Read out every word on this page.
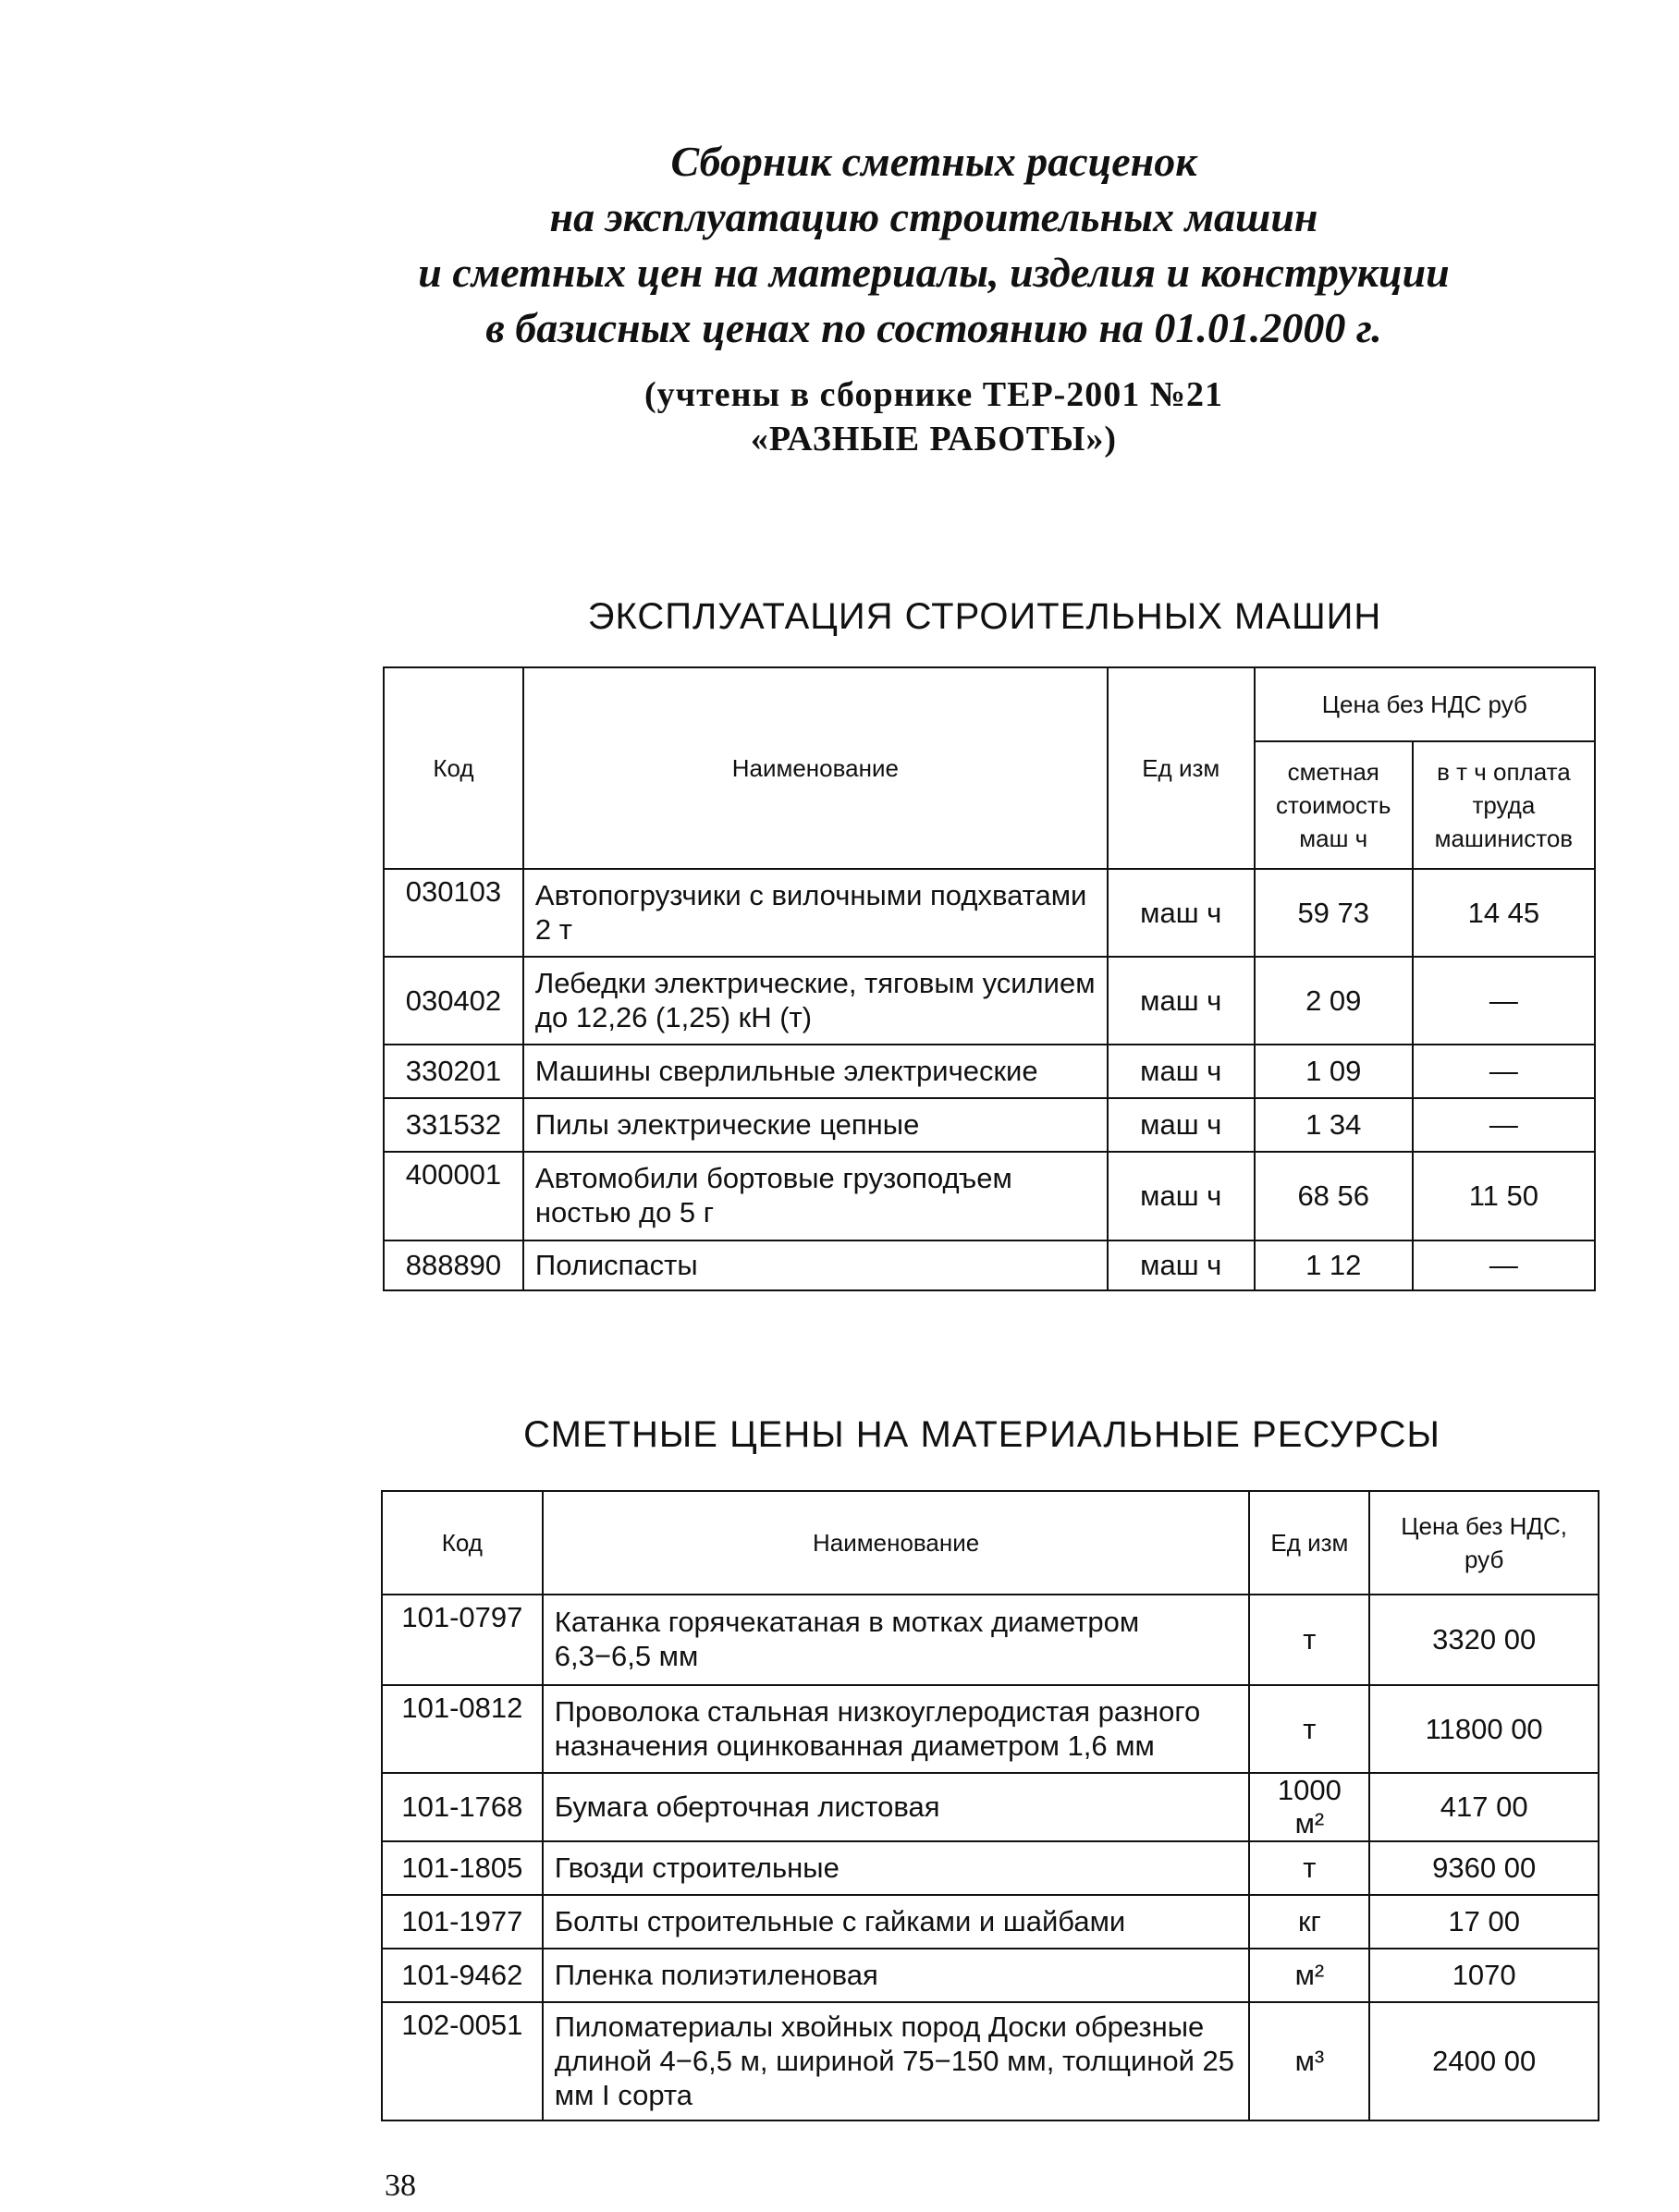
Сборник сметных расценок
на эксплуатацию строительных машин
и сметных цен на материалы, изделия и конструкции
в базисных ценах по состоянию на 01.01.2000 г.
(учтены в сборнике ТЕР-2001 №21
«РАЗНЫЕ РАБОТЫ»)
ЭКСПЛУАТАЦИЯ СТРОИТЕЛЬНЫХ МАШИН
Код	Наименование	Ед изм	Цена без НДС руб	
			сметная стоимость маш ч	в т ч оплата труда машинистов
030103	Автопогрузчики с вилочными подхватами 2 т	маш ч	59 73	14 45
030402	Лебедки электрические, тяговым усилием до 12,26 (1,25) кН (т)	маш ч	2 09	—
330201	Машины сверлильные электрические	маш ч	1 09	—
331532	Пилы электрические цепные	маш ч	1 34	—
400001	Автомобили бортовые грузоподъем ностью до 5 г	маш ч	68 56	11 50
888890	Полиспасты	маш ч	1 12	—
СМЕТНЫЕ ЦЕНЫ НА МАТЕРИАЛЬНЫЕ РЕСУРСЫ
Код	Наименование	Ед изм	Цена без НДС, руб
101-0797	Катанка горячекатаная в мотках диаметром 6,3−6,5 мм	т	3320 00
101-0812	Проволока стальная низкоуглеродистая разного назначения оцинкованная диаметром 1,6 мм	т	11800 00
101-1768	Бумага оберточная листовая	1000 м²	417 00
101-1805	Гвозди строительные	т	9360 00
101-1977	Болты строительные с гайками и шайбами	кг	17 00
101-9462	Пленка полиэтиленовая	м²	1070
102-0051	Пиломатериалы хвойных пород Доски обрезные длиной 4−6,5 м, шириной 75−150 мм, толщиной 25 мм I сорта	м³	2400 00
38
